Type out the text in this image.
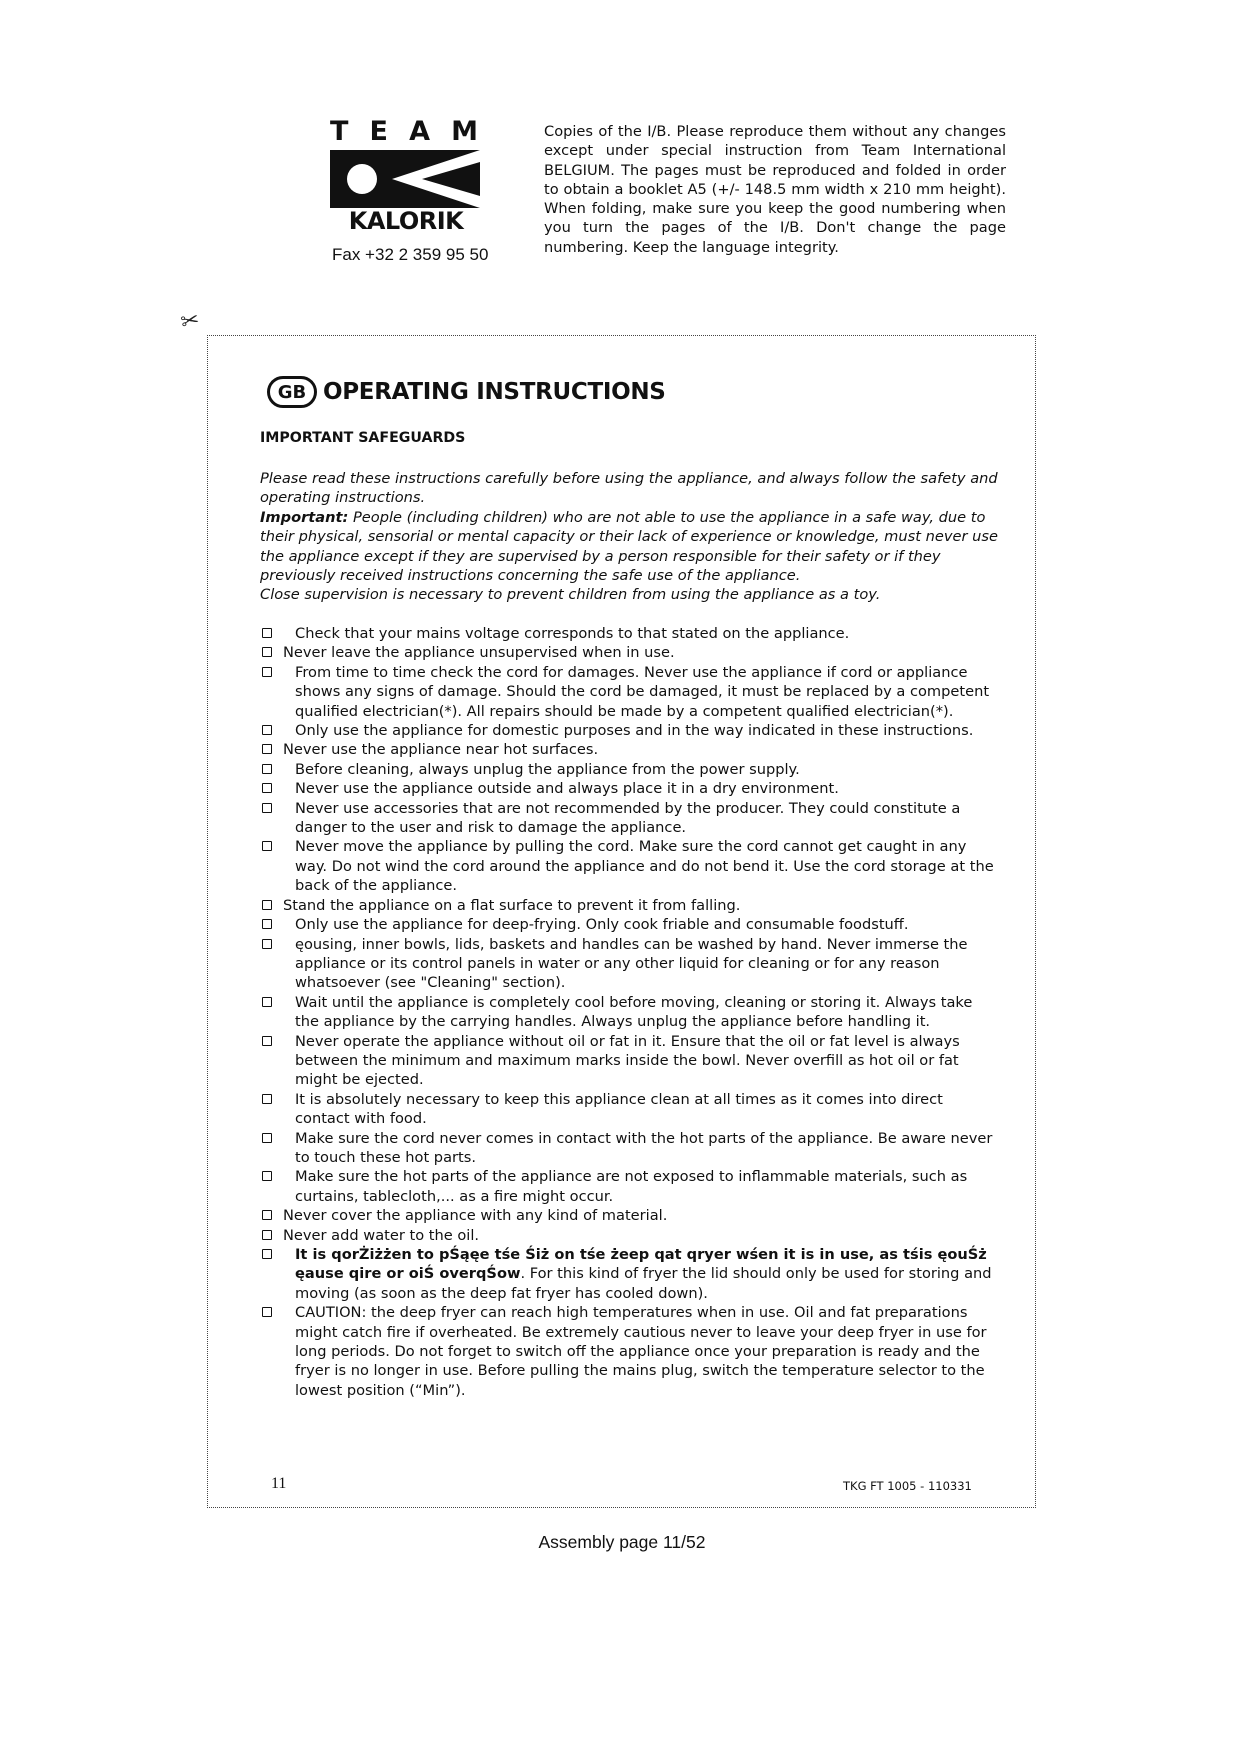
T E A M
KALORIK
Fax +32 2 359 95 50
Copies of the I/B. Please reproduce them without any changes except under special instruction from Team International BELGIUM. The pages must be reproduced and folded in order to obtain a booklet A5 (+/- 148.5 mm width x 210 mm height). When folding, make sure you keep the good numbering when you turn the pages of the I/B. Don't change the page numbering. Keep the language integrity.
✂
GB OPERATING INSTRUCTIONS
IMPORTANT SAFEGUARDS

Please read these instructions carefully before using the appliance, and always follow the safety and operating instructions.

Important: People (including children) who are not able to use the appliance in a safe way, due to their physical, sensorial or mental capacity or their lack of experience or knowledge, must never use the appliance except if they are supervised by a person responsible for their safety or if they previously received instructions concerning the safe use of the appliance.

Close supervision is necessary to prevent children from using the appliance as a toy.

Check that your mains voltage corresponds to that stated on the appliance.

Never leave the appliance unsupervised when in use.

From time to time check the cord for damages. Never use the appliance if cord or appliance shows any signs of damage. Should the cord be damaged, it must be replaced by a competent qualified electrician(*). All repairs should be made by a competent qualified electrician(*).

Only use the appliance for domestic purposes and in the way indicated in these instructions.

Never use the appliance near hot surfaces.

Before cleaning, always unplug the appliance from the power supply.

Never use the appliance outside and always place it in a dry environment.

Never use accessories that are not recommended by the producer. They could constitute a danger to the user and risk to damage the appliance.

Never move the appliance by pulling the cord. Make sure the cord cannot get caught in any way. Do not wind the cord around the appliance and do not bend it. Use the cord storage at the back of the appliance.

Stand the appliance on a flat surface to prevent it from falling.

Only use the appliance for deep-frying. Only cook friable and consumable foodstuff.

ęousing, inner bowls, lids, baskets and handles can be washed by hand. Never immerse the appliance or its control panels in water or any other liquid for cleaning or for any reason whatsoever (see "Cleaning" section).

Wait until the appliance is completely cool before moving, cleaning or storing it. Always take the appliance by the carrying handles. Always unplug the appliance before handling it.

Never operate the appliance without oil or fat in it. Ensure that the oil or fat level is always between the minimum and maximum marks inside the bowl. Never overfill as hot oil or fat might be ejected.

It is absolutely necessary to keep this appliance clean at all times as it comes into direct contact with food.

Make sure the cord never comes in contact with the hot parts of the appliance. Be aware never to touch these hot parts.

Make sure the hot parts of the appliance are not exposed to inflammable materials, such as curtains, tablecloth,... as a fire might occur.

Never cover the appliance with any kind of material.

Never add water to the oil.

It is qorŻiżżen to pŚąęe tśe Śiż on tśe żeep qat qryer wśen it is in use, as tśis ęouŚż ęause qire or oiŚ overqŚow. For this kind of fryer the lid should only be used for storing and moving (as soon as the deep fat fryer has cooled down).

CAUTION: the deep fryer can reach high temperatures when in use. Oil and fat preparations might catch fire if overheated. Be extremely cautious never to leave your deep fryer in use for long periods. Do not forget to switch off the appliance once your preparation is ready and the fryer is no longer in use. Before pulling the mains plug, switch the temperature selector to the lowest position (“Min”).

11	TKG FT 1005 - 110331
Assembly page 11/52
